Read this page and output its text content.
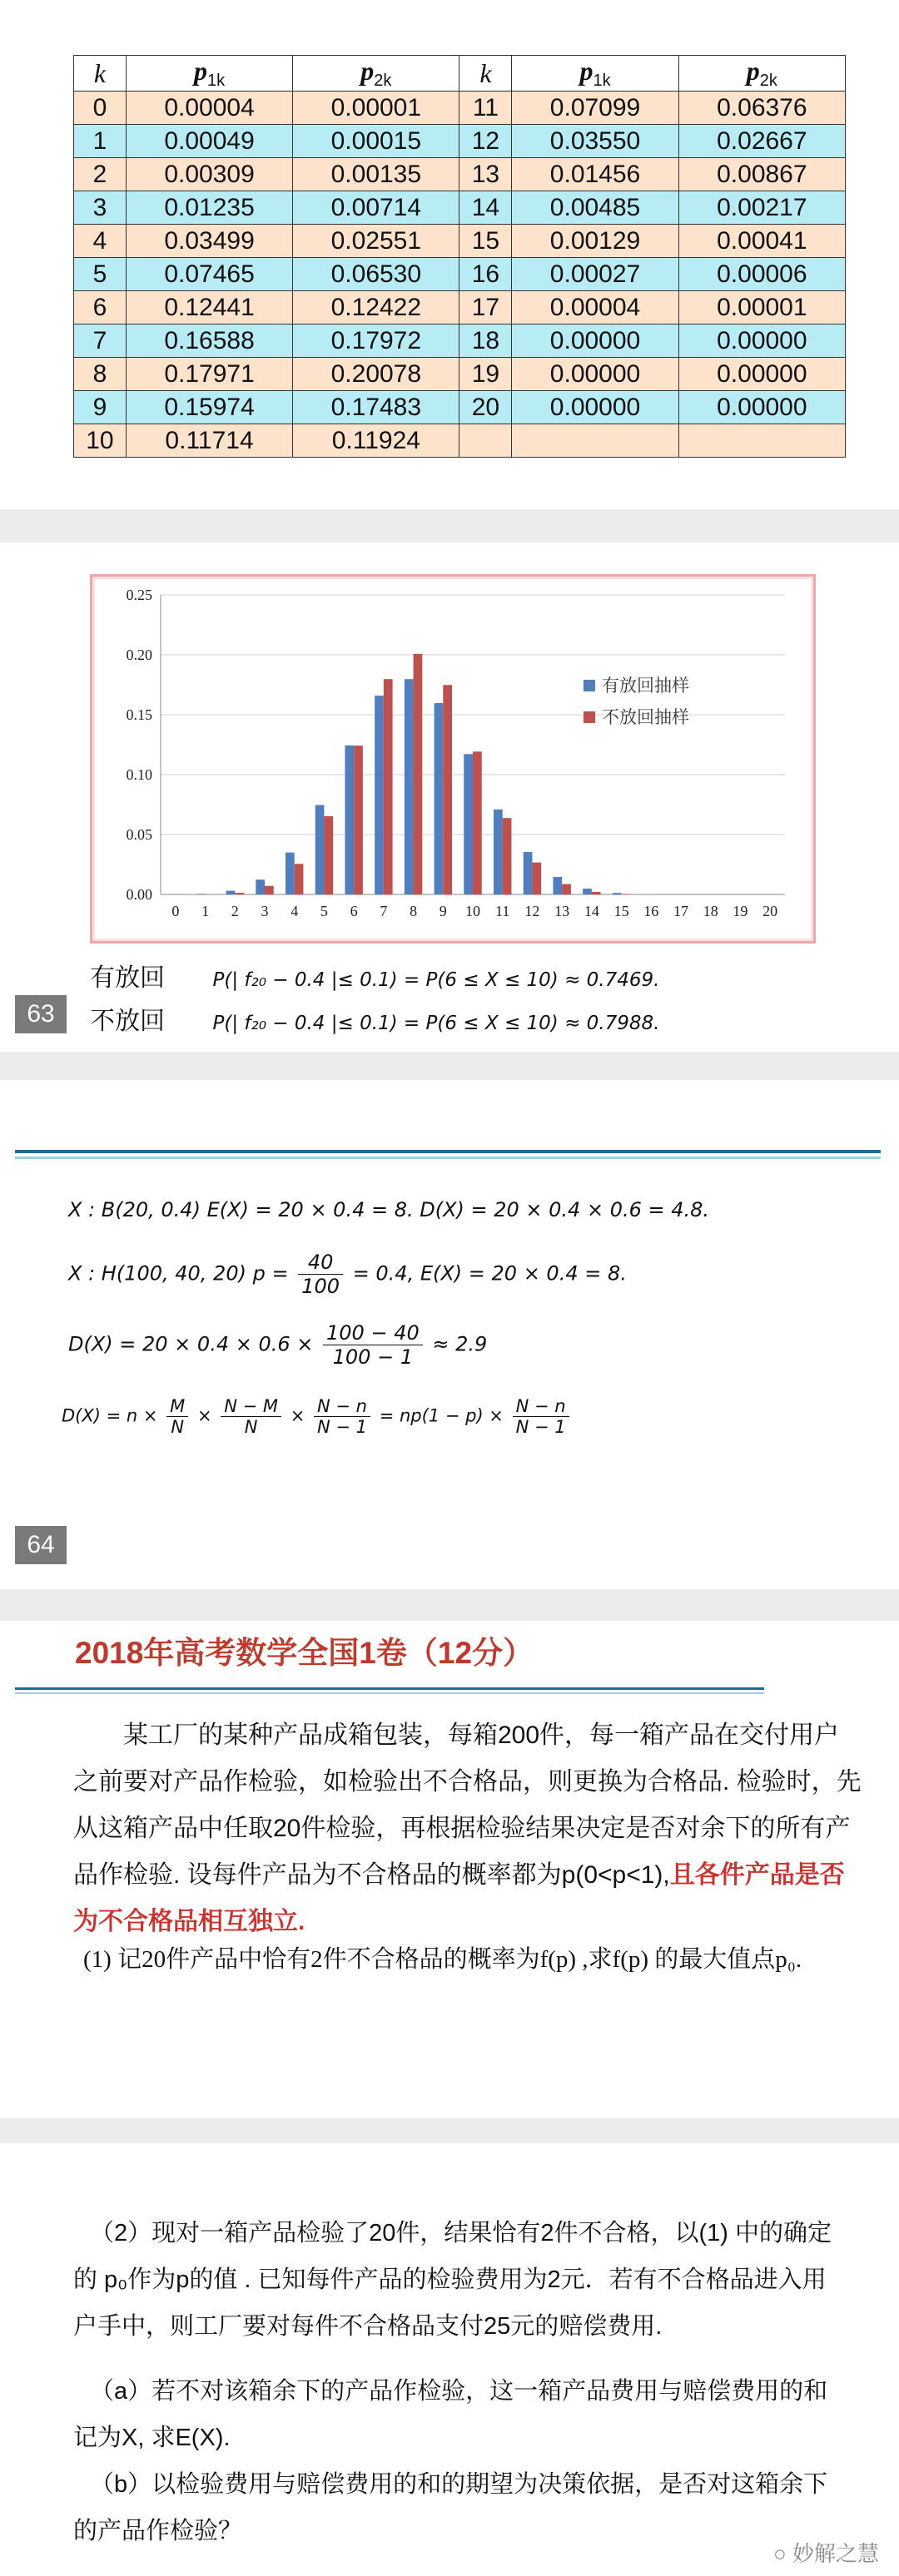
k	$p_{1k}$	$p_{2k}$	k	$p_{1k}$	$p_{2k}$
0	0.00004	0.00001	11	0.07099	0.06376
1	0.00049	0.00015	12	0.03550	0.02667
2	0.00309	0.00135	13	0.01456	0.00867
3	0.01235	0.00714	14	0.00485	0.00217
4	0.03499	0.02551	15	0.00129	0.00041
5	0.07465	0.06530	16	0.00027	0.00006
6	0.12441	0.12422	17	0.00004	0.00001
7	0.16588	0.17972	18	0.00000	0.00000
8	0.17971	0.20078	19	0.00000	0.00000
9	0.15974	0.17483	20	0.00000	0.00000
10	0.11714	0.11924			
0.00
0.05
0.10
0.15
0.20
0.25
0 1 2 3 4 5 6 7 8 9 10 11 12 13 14 15 16 17 18 19 20
有放回抽样
不放回抽样
有放回	P(| f₂₀ − 0.4 |≤ 0.1) = P(6 ≤ X ≤ 10) ≈ 0.7469.
不放回	P(| f₂₀ − 0.4 |≤ 0.1) = P(6 ≤ X ≤ 10) ≈ 0.7988.
63
X : B(20, 0.4) E(X) = 20 × 0.4 = 8. D(X) = 20 × 0.4 × 0.6 = 4.8.
X : H(100, 40, 20) $p = \frac{40}{100} = 0.4$, E(X) = 20 × 0.4 = 8.
$D(X) = 20 \times 0.4 \times 0.6 \times \frac{100 - 40}{100 - 1} \approx 2.9$
$D(X) = n \times \frac{M}{N} \times \frac{N - M}{N} \times \frac{N - n}{N - 1} = np(1 - p) \times \frac{N - n}{N - 1}$
64
2018年高考数学全国1卷（12分）
某工厂的某种产品成箱包装，每箱200件，每一箱产品在交付用户之前要对产品作检验，如检验出不合格品，则更换为合格品. 检验时，先从这箱产品中任取20件检验，再根据检验结果决定是否对余下的所有产品作检验. 设每件产品为不合格品的概率都为p(0<p<1),且各件产品是否为不合格品相互独立.
(1) 记20件产品中恰有2件不合格品的概率为f(p) ,求f(p) 的最大值点p₀.
（2）现对一箱产品检验了20件，结果恰有2件不合格，以(1) 中的确定的 p₀作为p的值 . 已知每件产品的检验费用为2元．若有不合格品进入用户手中，则工厂要对每件不合格品支付25元的赔偿费用.
（a）若不对该箱余下的产品作检验，这一箱产品费用与赔偿费用的和记为X, 求E(X).
（b）以检验费用与赔偿费用的和的期望为决策依据，是否对这箱余下的产品作检验？
○ 妙解之慧
